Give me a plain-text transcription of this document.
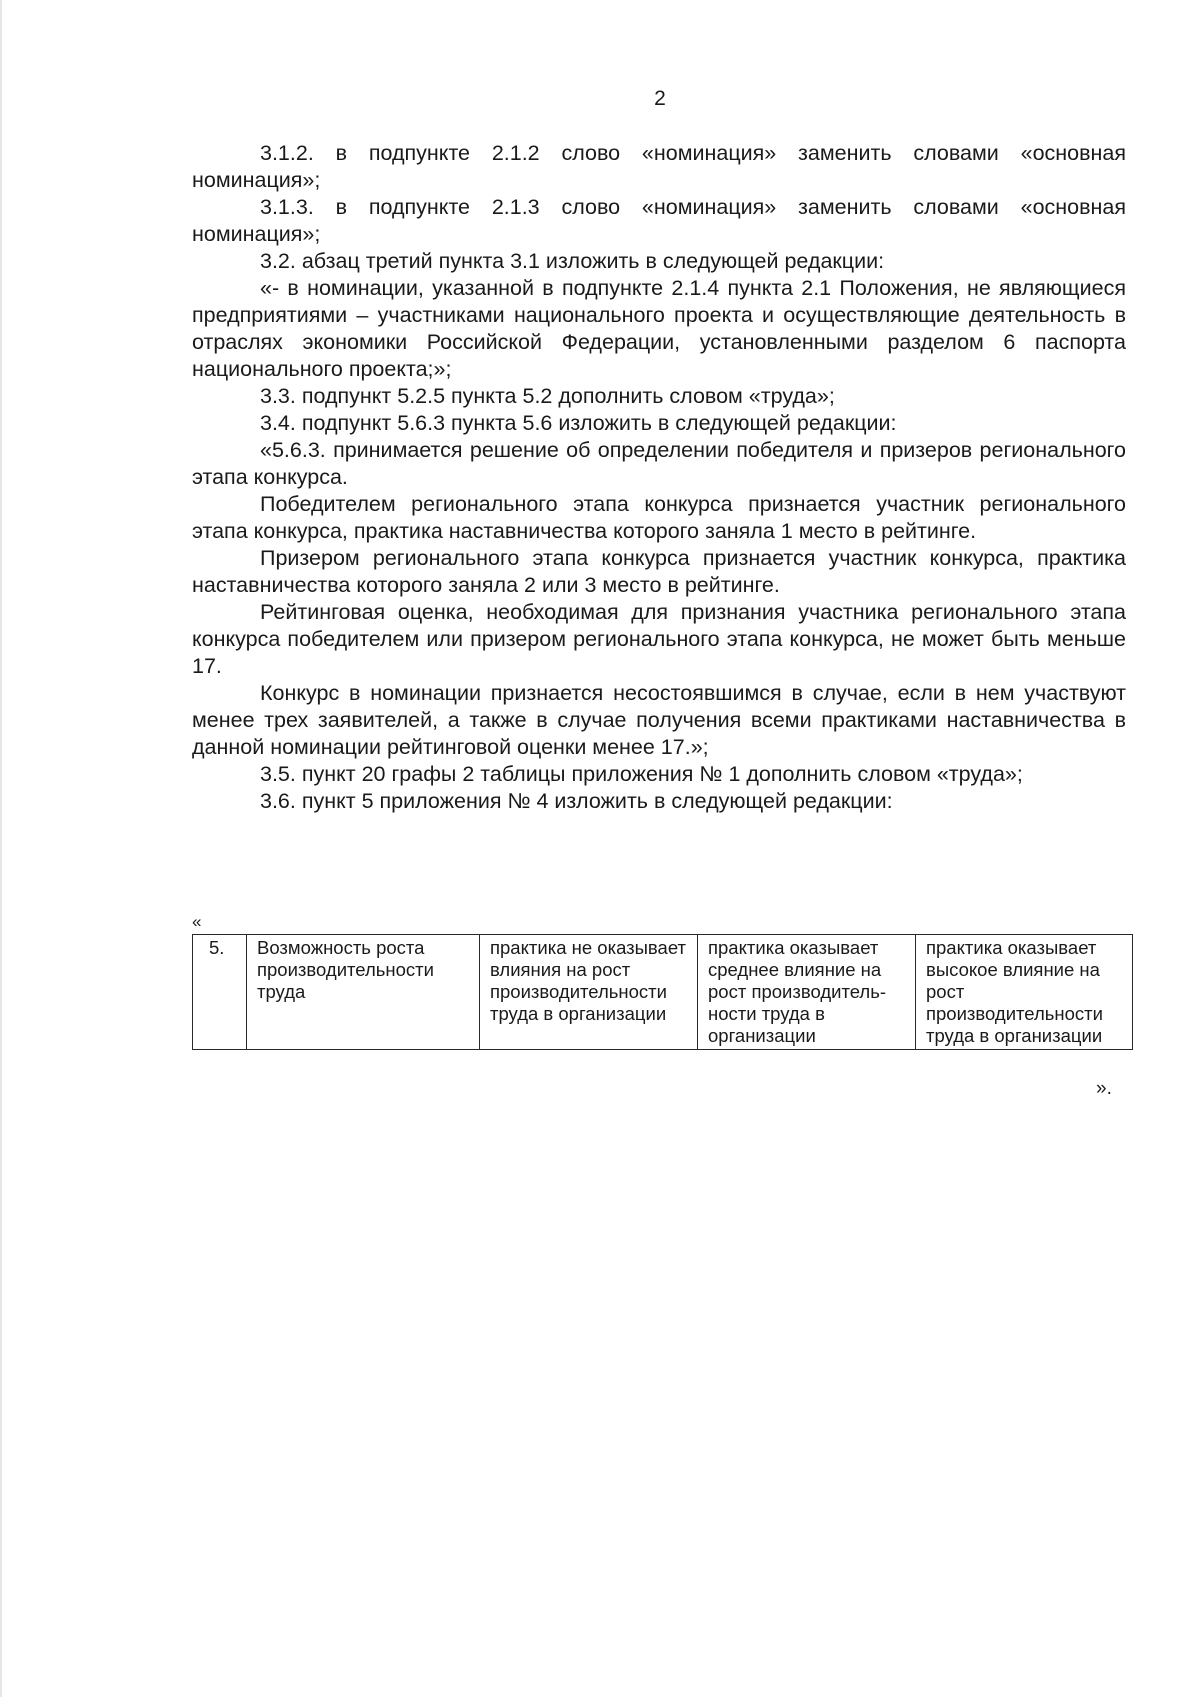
2

3.1.2. в подпункте 2.1.2 слово «номинация» заменить словами «основная номинация»;

3.1.3. в подпункте 2.1.3 слово «номинация» заменить словами «основная номинация»;

3.2. абзац третий пункта 3.1 изложить в следующей редакции:

«- в номинации, указанной в подпункте 2.1.4 пункта 2.1 Положения, не являющиеся предприятиями – участниками национального проекта и осуществляющие деятельность в отраслях экономики Российской Федерации, установленными разделом 6 паспорта национального проекта;»;

3.3. подпункт 5.2.5 пункта 5.2 дополнить словом «труда»;

3.4. подпункт 5.6.3 пункта 5.6 изложить в следующей редакции:

«5.6.3. принимается решение об определении победителя и призеров регионального этапа конкурса.

Победителем регионального этапа конкурса признается участник регионального этапа конкурса, практика наставничества которого заняла 1 место в рейтинге.

Призером регионального этапа конкурса признается участник конкурса, практика наставничества которого заняла 2 или 3 место в рейтинге.

Рейтинговая оценка, необходимая для признания участника регионального этапа конкурса победителем или призером регионального этапа конкурса, не может быть меньше 17.

Конкурс в номинации признается несостоявшимся в случае, если в нем участвуют менее трех заявителей, а также в случае получения всеми практиками наставничества в данной номинации рейтинговой оценки менее 17.»;

3.5. пункт 20 графы 2 таблицы приложения № 1 дополнить словом «труда»;

3.6. пункт 5 приложения № 4 изложить в следующей редакции:

«
5.	Возможность роста производительности труда	практика не оказывает влияния на рост производительности труда в организации	практика оказывает среднее влияние на рост производитель-ности труда в организации	практика оказывает высокое влияние на рост производительности труда в организации
».
